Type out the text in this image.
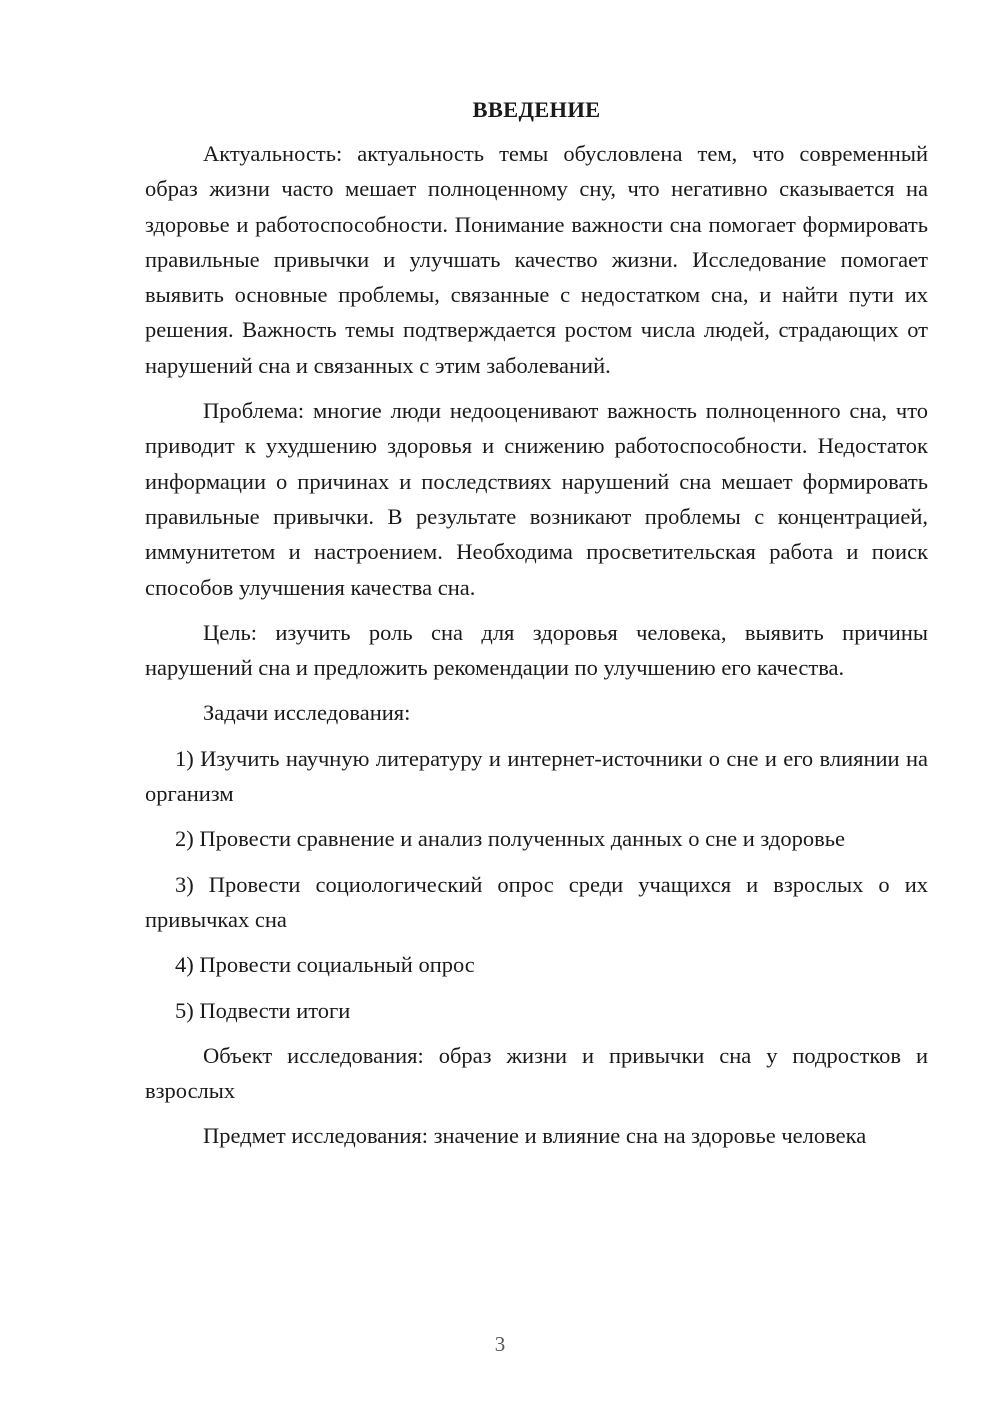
ВВЕДЕНИЕ

Актуальность: актуальность темы обусловлена тем, что современный образ жизни часто мешает полноценному сну, что негативно сказывается на здоровье и работоспособности. Понимание важности сна помогает формировать правильные привычки и улучшать качество жизни. Исследование помогает выявить основные проблемы, связанные с недостатком сна, и найти пути их решения. Важность темы подтверждается ростом числа людей, страдающих от нарушений сна и связанных с этим заболеваний.

Проблема: многие люди недооценивают важность полноценного сна, что приводит к ухудшению здоровья и снижению работоспособности. Недостаток информации о причинах и последствиях нарушений сна мешает формировать правильные привычки. В результате возникают проблемы с концентрацией, иммунитетом и настроением. Необходима просветительская работа и поиск способов улучшения качества сна.

Цель: изучить роль сна для здоровья человека, выявить причины нарушений сна и предложить рекомендации по улучшению его качества.

Задачи исследования:

1) Изучить научную литературу и интернет-источники о сне и его влиянии на организм

2) Провести сравнение и анализ полученных данных о сне и здоровье

3) Провести социологический опрос среди учащихся и взрослых о их привычках сна

4) Провести социальный опрос

5) Подвести итоги

Объект исследования: образ жизни и привычки сна у подростков и взрослых

Предмет исследования: значение и влияние сна на здоровье человека

3
